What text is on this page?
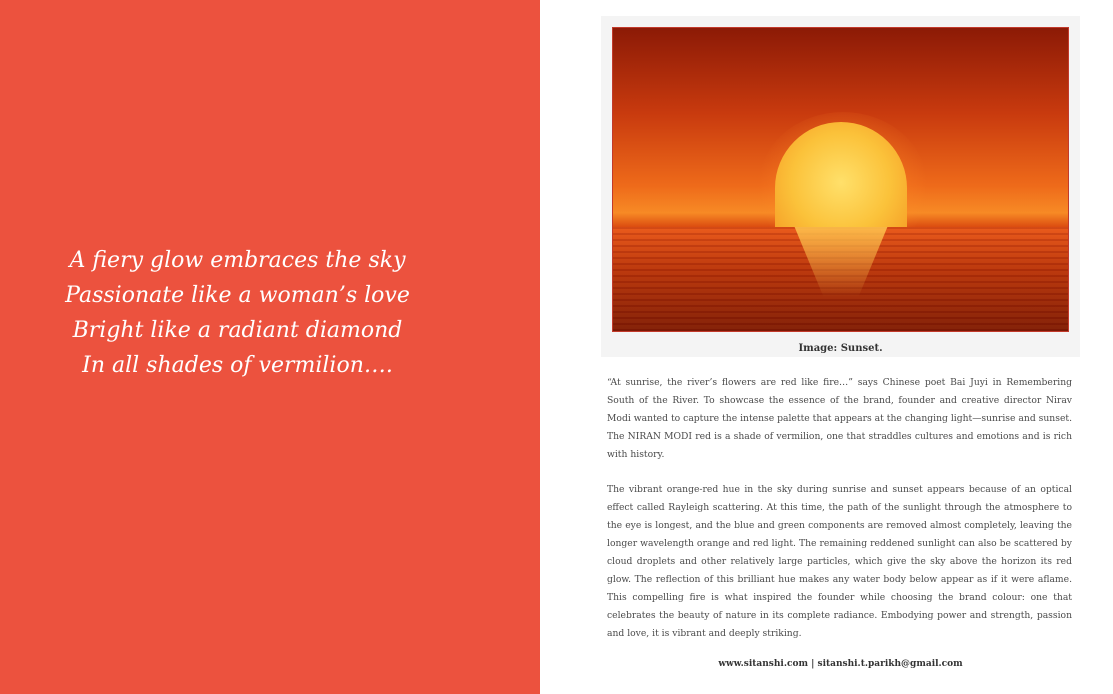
A fiery glow embraces the sky
Passionate like a woman’s love
Bright like a radiant diamond
In all shades of vermilion….
Image: Sunset.

“At sunrise, the river’s flowers are red like fire…” says Chinese poet Bai Juyi in Remembering South of the River. To showcase the essence of the brand, founder and creative director Nirav Modi wanted to capture the intense palette that appears at the changing light—sunrise and sunset. The NIRAN MODI red is a shade of vermilion, one that straddles cultures and emotions and is rich with history.

The vibrant orange-red hue in the sky during sunrise and sunset appears because of an optical effect called Rayleigh scattering. At this time, the path of the sunlight through the atmosphere to the eye is longest, and the blue and green components are removed almost completely, leaving the longer wavelength orange and red light. The remaining reddened sunlight can also be scattered by cloud droplets and other relatively large particles, which give the sky above the horizon its red glow. The reflection of this brilliant hue makes any water body below appear as if it were aflame. This compelling fire is what inspired the founder while choosing the brand colour: one that celebrates the beauty of nature in its complete radiance. Embodying power and strength, passion and love, it is vibrant and deeply striking.

www.sitanshi.com | sitanshi.t.parikh@gmail.com
